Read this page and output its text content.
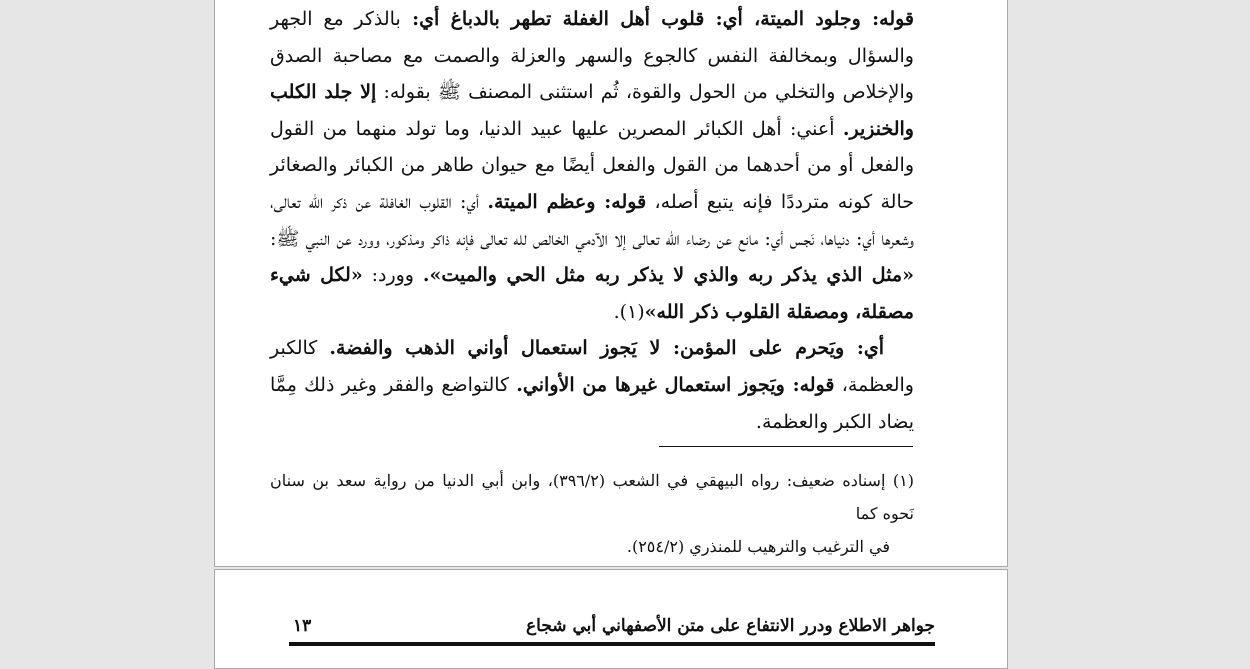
قوله: وجلود الميتة، أي: قلوب أهل الغفلة تطهر بالدباغ أي: بالذكر مع الجهر والسؤال وبمخالفة النفس كالجوع والسهر والعزلة والصمت مع مصاحبة الصدق والإخلاص والتخلي من الحول والقوة، ثُم استثنى المصنف ﷺ بقوله: إلا جلد الكلب والخنزير. أعني: أهل الكبائر المصرين عليها عبيد الدنيا، وما تولد منهما من القول والفعل أو من أحدهما من القول والفعل أيضًا مع حيوان طاهر من الكبائر والصغائر حالة كونه مترددًا فإنه يتبع أصله، قوله: وعظم الميتة. أي: القلوب الغافلة عن ذكر الله تعالى، وشعرها أي: دنياها، نَجس أي: مانع عن رضاء الله تعالى إلا الآدمي الخالص لله تعالى فإنه ذاكر ومذكور، وورد عن النبي ﷺ: «مثل الذي يذكر ربه والذي لا يذكر ربه مثل الحي والميت». وورد: «لكل شيء مصقلة، ومصقلة القلوب ذكر الله»(١).

أي: ويَحرم على المؤمن: لا يَجوز استعمال أواني الذهب والفضة. كالكبر والعظمة، قوله: ويَجوز استعمال غيرها من الأواني. كالتواضع والفقر وغير ذلك مِمَّا يضاد الكبر والعظمة.

(١) إسناده ضعيف: رواه البيهقي في الشعب (٣٩٦/٢)، وابن أبي الدنيا من رواية سعد بن سنان نَحوه كما
في الترغيب والترهيب للمنذري (٢٥٤/٢).
جواهر الاطلاع ودرر الانتفاع على متن الأصفهاني أبي شجاع
١٣
